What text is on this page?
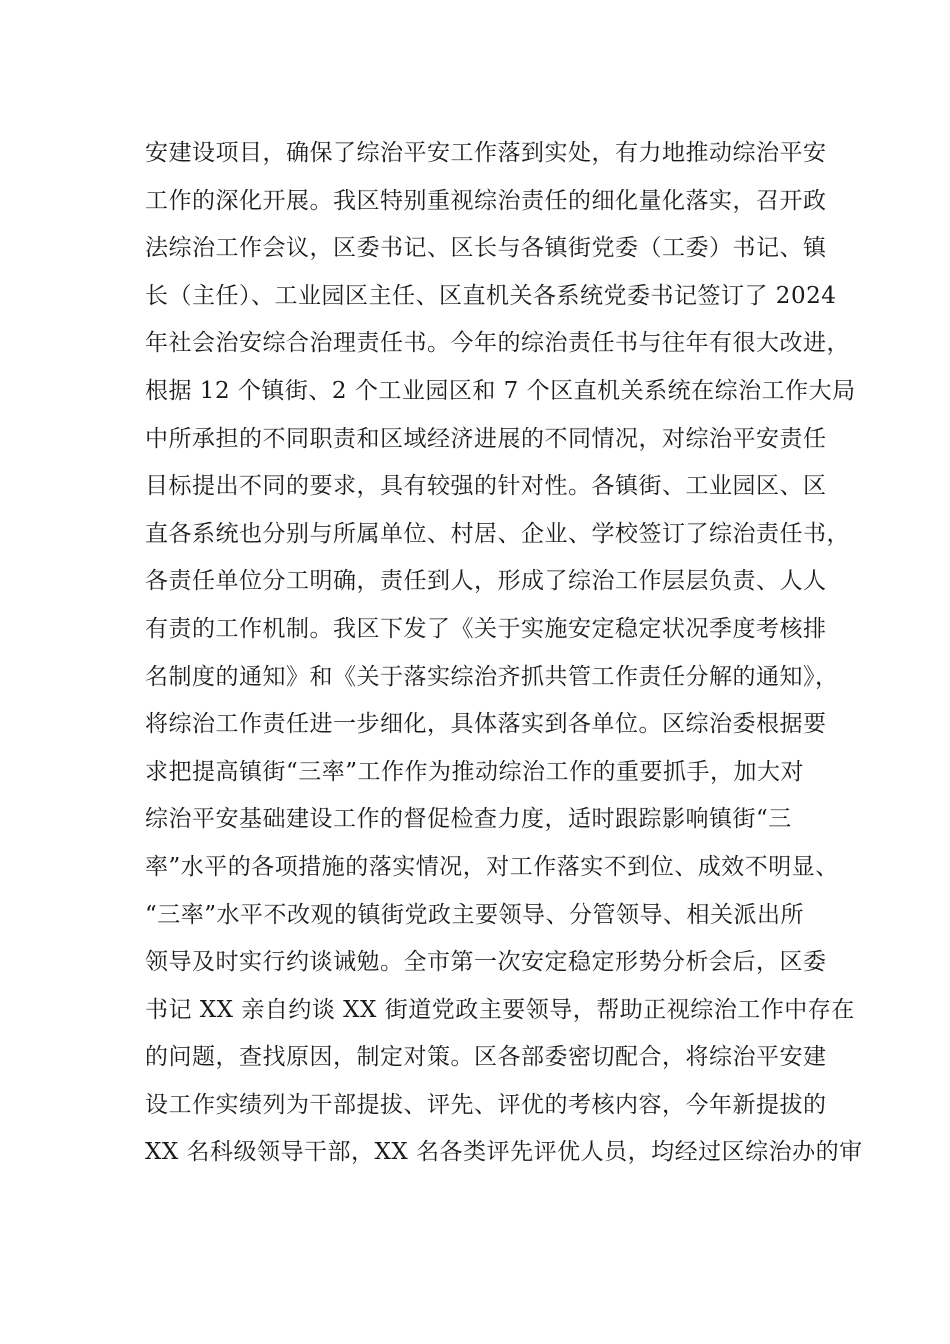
安建设项目，确保了综治平安工作落到实处，有力地推动综治平安
工作的深化开展。我区特别重视综治责任的细化量化落实，召开政
法综治工作会议，区委书记、区长与各镇街党委（工委）书记、镇
长（主任）、工业园区主任、区直机关各系统党委书记签订了 2024
年社会治安综合治理责任书。今年的综治责任书与往年有很大改进，
根据 12 个镇街、2 个工业园区和 7 个区直机关系统在综治工作大局
中所承担的不同职责和区域经济进展的不同情况，对综治平安责任
目标提出不同的要求，具有较强的针对性。各镇街、工业园区、区
直各系统也分别与所属单位、村居、企业、学校签订了综治责任书，
各责任单位分工明确，责任到人，形成了综治工作层层负责、人人
有责的工作机制。我区下发了《关于实施安定稳定状况季度考核排
名制度的通知》和《关于落实综治齐抓共管工作责任分解的通知》，
将综治工作责任进一步细化，具体落实到各单位。区综治委根据要
求把提高镇街“三率”工作作为推动综治工作的重要抓手，加大对
综治平安基础建设工作的督促检查力度，适时跟踪影响镇街“三
率”水平的各项措施的落实情况，对工作落实不到位、成效不明显、
“三率”水平不改观的镇街党政主要领导、分管领导、相关派出所
领导及时实行约谈诫勉。全市第一次安定稳定形势分析会后，区委
书记 XX 亲自约谈 XX 街道党政主要领导，帮助正视综治工作中存在
的问题，查找原因，制定对策。区各部委密切配合，将综治平安建
设工作实绩列为干部提拔、评先、评优的考核内容，今年新提拔的
XX 名科级领导干部，XX 名各类评先评优人员，均经过区综治办的审
